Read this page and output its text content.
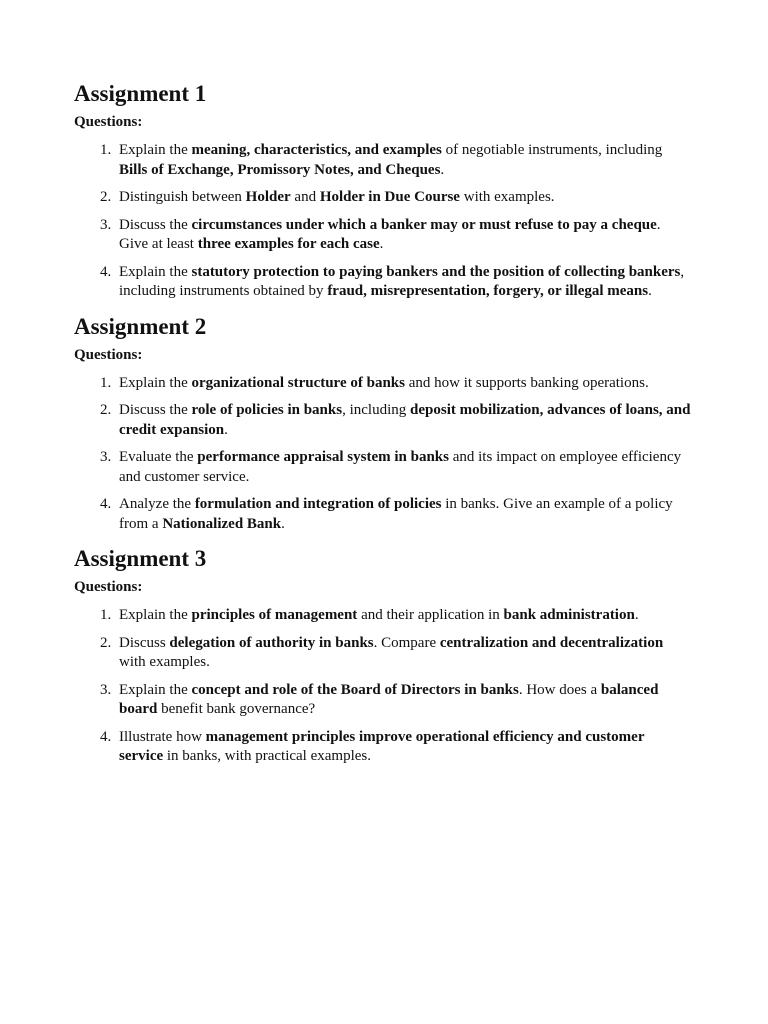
Assignment 1
Questions:
1. Explain the meaning, characteristics, and examples of negotiable instruments, including Bills of Exchange, Promissory Notes, and Cheques.
2. Distinguish between Holder and Holder in Due Course with examples.
3. Discuss the circumstances under which a banker may or must refuse to pay a cheque. Give at least three examples for each case.
4. Explain the statutory protection to paying bankers and the position of collecting bankers, including instruments obtained by fraud, misrepresentation, forgery, or illegal means.
Assignment 2
Questions:
1. Explain the organizational structure of banks and how it supports banking operations.
2. Discuss the role of policies in banks, including deposit mobilization, advances of loans, and credit expansion.
3. Evaluate the performance appraisal system in banks and its impact on employee efficiency and customer service.
4. Analyze the formulation and integration of policies in banks. Give an example of a policy from a Nationalized Bank.
Assignment 3
Questions:
1. Explain the principles of management and their application in bank administration.
2. Discuss delegation of authority in banks. Compare centralization and decentralization with examples.
3. Explain the concept and role of the Board of Directors in banks. How does a balanced board benefit bank governance?
4. Illustrate how management principles improve operational efficiency and customer service in banks, with practical examples.
